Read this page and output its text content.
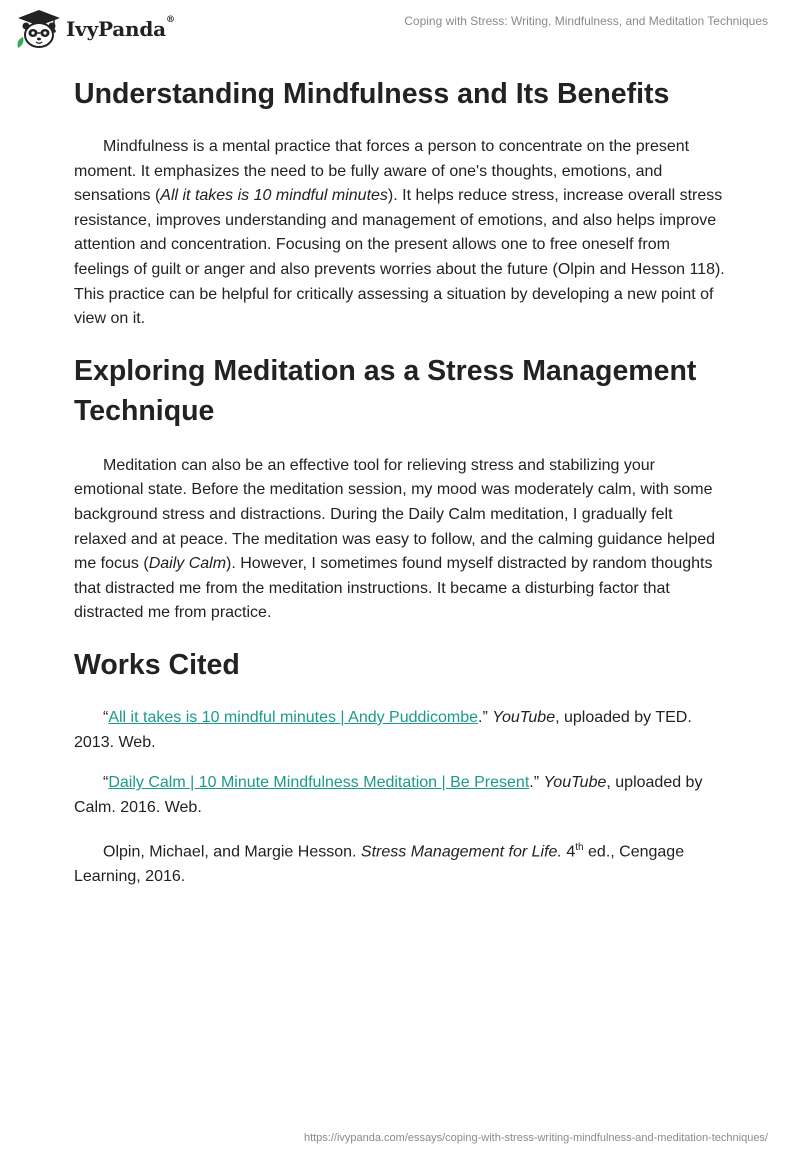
IvyPanda®	Coping with Stress: Writing, Mindfulness, and Meditation Techniques
Understanding Mindfulness and Its Benefits

Mindfulness is a mental practice that forces a person to concentrate on the present moment. It emphasizes the need to be fully aware of one's thoughts, emotions, and sensations (All it takes is 10 mindful minutes). It helps reduce stress, increase overall stress resistance, improves understanding and management of emotions, and also helps improve attention and concentration. Focusing on the present allows one to free oneself from feelings of guilt or anger and also prevents worries about the future (Olpin and Hesson 118). This practice can be helpful for critically assessing a situation by developing a new point of view on it.

Exploring Meditation as a Stress Management Technique

Meditation can also be an effective tool for relieving stress and stabilizing your emotional state. Before the meditation session, my mood was moderately calm, with some background stress and distractions. During the Daily Calm meditation, I gradually felt relaxed and at peace. The meditation was easy to follow, and the calming guidance helped me focus (Daily Calm). However, I sometimes found myself distracted by random thoughts that distracted me from the meditation instructions. It became a disturbing factor that distracted me from practice.

Works Cited

“All it takes is 10 mindful minutes | Andy Puddicombe.” YouTube, uploaded by TED. 2013. Web.

“Daily Calm | 10 Minute Mindfulness Meditation | Be Present.” YouTube, uploaded by Calm. 2016. Web.

Olpin, Michael, and Margie Hesson. Stress Management for Life. 4th ed., Cengage Learning, 2016.

https://ivypanda.com/essays/coping-with-stress-writing-mindfulness-and-meditation-techniques/
